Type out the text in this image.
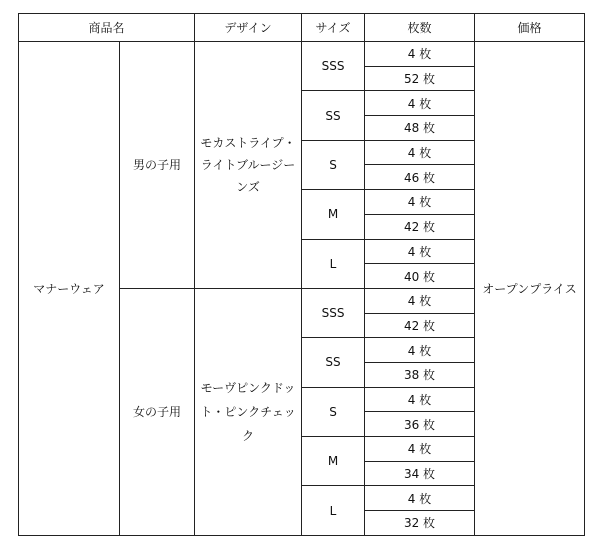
商品名		デザイン	サイズ	枚数	価格
マナーウェア	男の子用	モカストライプ・ライトブルージーンズ	SSS	4 枚	オープンプライス
				52 枚	
			SS	4 枚	
				48 枚	
			S	4 枚	
				46 枚	
			M	4 枚	
				42 枚	
			L	4 枚	
				40 枚	
	女の子用	モーヴピンクドット・ピンクチェック	SSS	4 枚	
				42 枚	
			SS	4 枚	
				38 枚	
			S	4 枚	
				36 枚	
			M	4 枚	
				34 枚	
			L	4 枚	
				32 枚	
